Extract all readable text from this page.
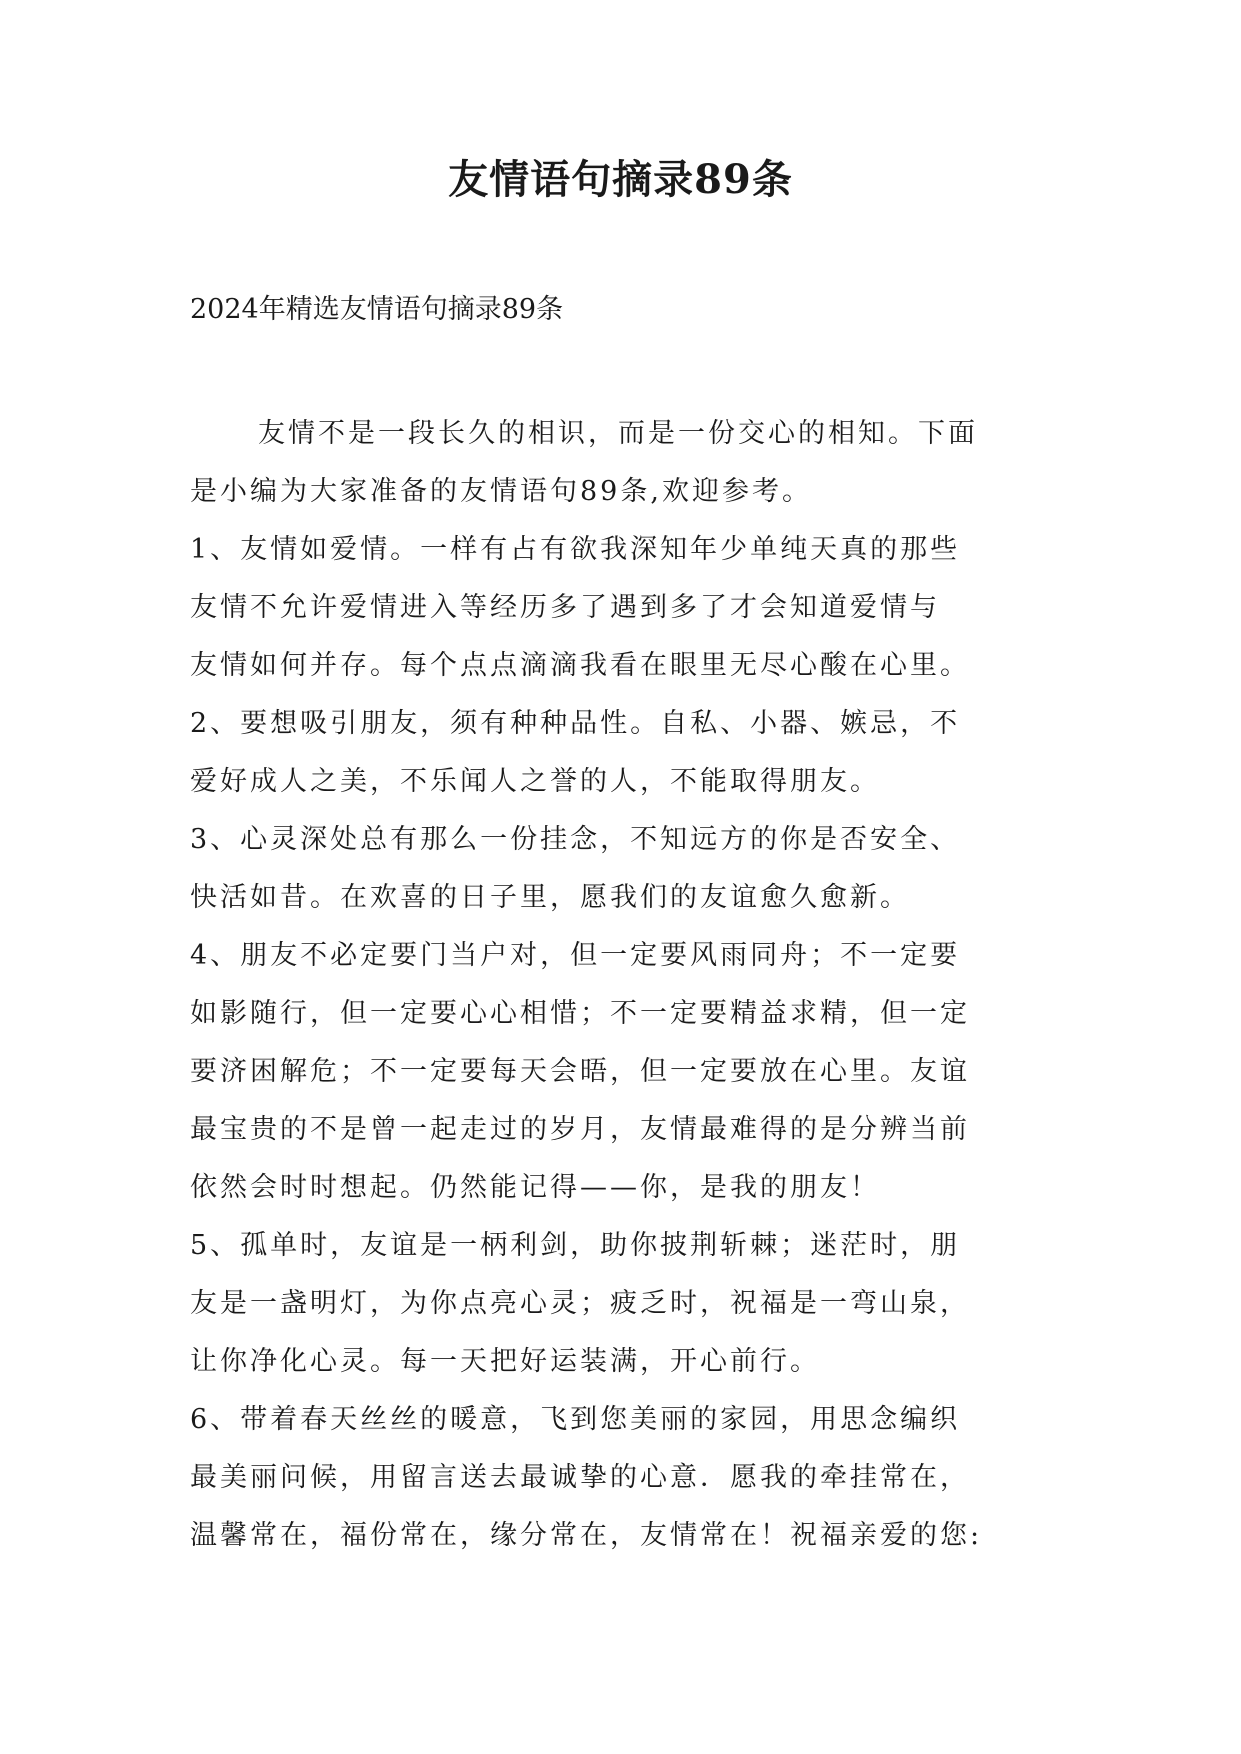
友情语句摘录89条
2024年精选友情语句摘录89条
友情不是一段长久的相识，而是一份交心的相知。下面
是小编为大家准备的友情语句89条,欢迎参考。
1、友情如爱情。一样有占有欲我深知年少单纯天真的那些
友情不允许爱情进入等经历多了遇到多了才会知道爱情与
友情如何并存。每个点点滴滴我看在眼里无尽心酸在心里。
2、要想吸引朋友，须有种种品性。自私、小器、嫉忌，不
爱好成人之美，不乐闻人之誉的人，不能取得朋友。
3、心灵深处总有那么一份挂念，不知远方的你是否安全、
快活如昔。在欢喜的日子里，愿我们的友谊愈久愈新。
4、朋友不必定要门当户对，但一定要风雨同舟；不一定要
如影随行，但一定要心心相惜；不一定要精益求精，但一定
要济困解危；不一定要每天会晤，但一定要放在心里。友谊
最宝贵的不是曾一起走过的岁月，友情最难得的是分辨当前
依然会时时想起。仍然能记得——你，是我的朋友！
5、孤单时，友谊是一柄利剑，助你披荆斩棘；迷茫时，朋
友是一盏明灯，为你点亮心灵；疲乏时，祝福是一弯山泉，
让你净化心灵。每一天把好运装满，开心前行。
6、带着春天丝丝的暖意，飞到您美丽的家园，用思念编织
最美丽问候，用留言送去最诚挚的心意．愿我的牵挂常在，
温馨常在，福份常在，缘分常在，友情常在！祝福亲爱的您:
